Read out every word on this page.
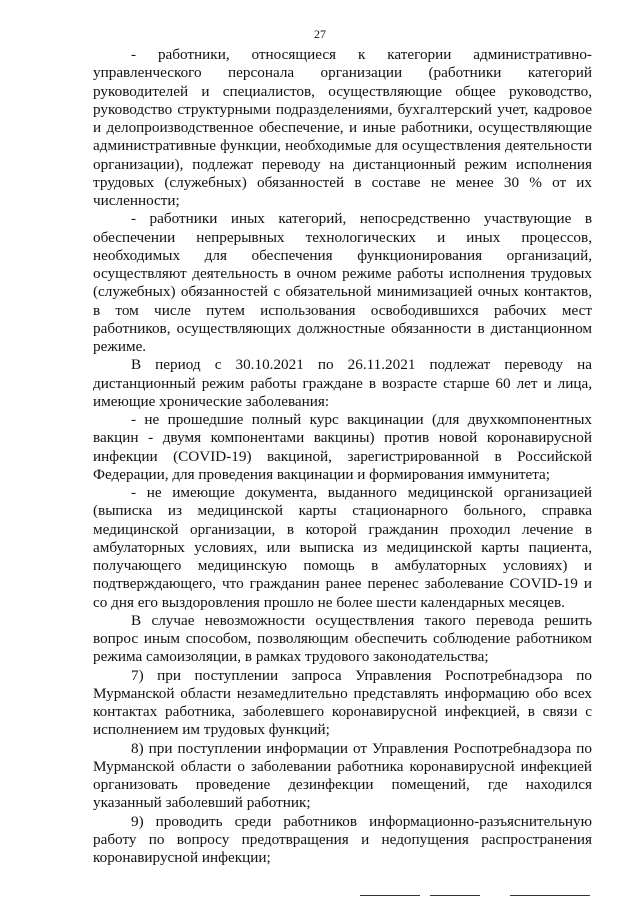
27

- работники, относящиеся к категории административно-управленческого персонала организации (работники категорий руководителей и специалистов, осуществляющие общее руководство, руководство структурными подразделениями, бухгалтерский учет, кадровое и делопроизводственное обеспечение, и иные работники, осуществляющие административные функции, необходимые для осуществления деятельности организации), подлежат переводу на дистанционный режим исполнения трудовых (служебных) обязанностей в составе не менее 30 % от их численности;

- работники иных категорий, непосредственно участвующие в обеспечении непрерывных технологических и иных процессов, необходимых для обеспечения функционирования организаций, осуществляют деятельность в очном режиме работы исполнения трудовых (служебных) обязанностей с обязательной минимизацией очных контактов, в том числе путем использования освободившихся рабочих мест работников, осуществляющих должностные обязанности в дистанционном режиме.

В период с 30.10.2021 по 26.11.2021 подлежат переводу на дистанционный режим работы граждане в возрасте старше 60 лет и лица, имеющие хронические заболевания:

- не прошедшие полный курс вакцинации (для двухкомпонентных вакцин - двумя компонентами вакцины) против новой коронавирусной инфекции (COVID-19) вакциной, зарегистрированной в Российской Федерации, для проведения вакцинации и формирования иммунитета;

- не имеющие документа, выданного медицинской организацией (выписка из медицинской карты стационарного больного, справка медицинской организации, в которой гражданин проходил лечение в амбулаторных условиях, или выписка из медицинской карты пациента, получающего медицинскую помощь в амбулаторных условиях) и подтверждающего, что гражданин ранее перенес заболевание COVID-19 и со дня его выздоровления прошло не более шести календарных месяцев.

В случае невозможности осуществления такого перевода решить вопрос иным способом, позволяющим обеспечить соблюдение работником режима самоизоляции, в рамках трудового законодательства;

7) при поступлении запроса Управления Роспотребнадзора по Мурманской области незамедлительно представлять информацию обо всех контактах работника, заболевшего коронавирусной инфекцией, в связи с исполнением им трудовых функций;

8) при поступлении информации от Управления Роспотребнадзора по Мурманской области о заболевании работника коронавирусной инфекцией организовать проведение дезинфекции помещений, где находился указанный заболевший работник;

9) проводить среди работников информационно-разъяснительную работу по вопросу предотвращения и недопущения распространения коронавирусной инфекции;
